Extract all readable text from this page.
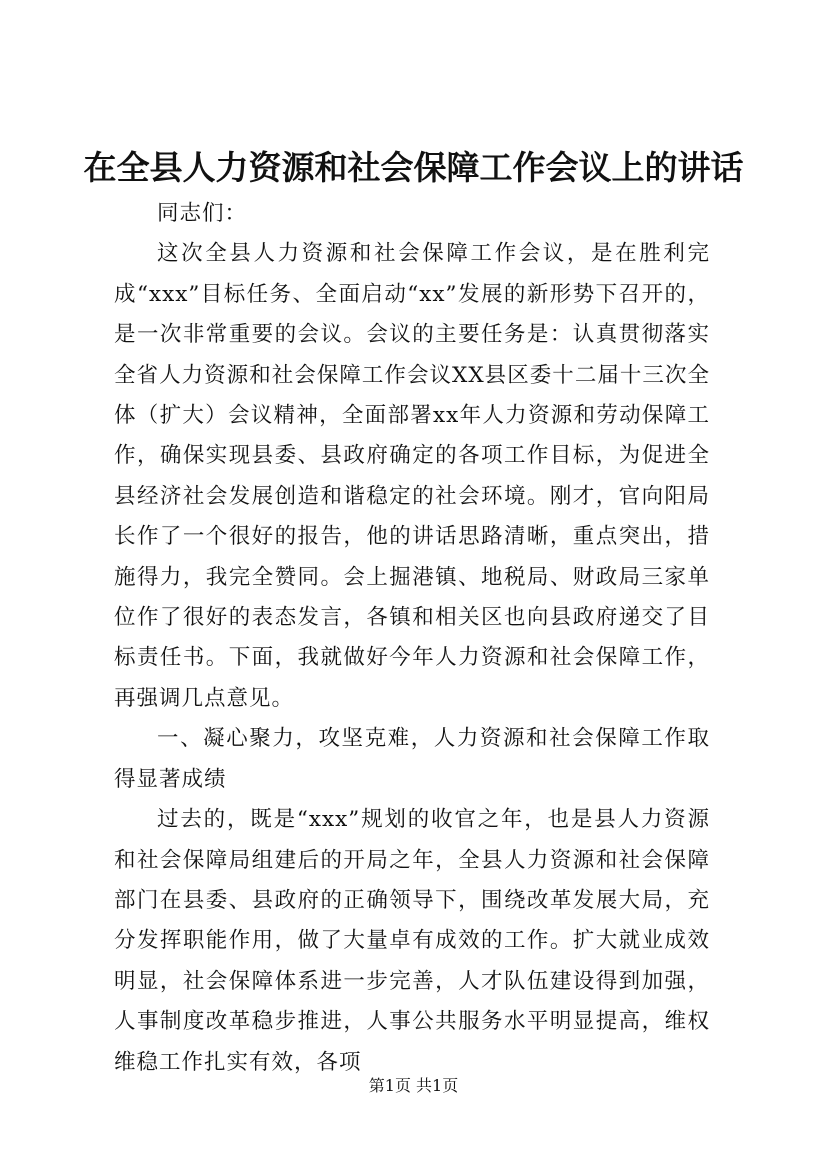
在全县人力资源和社会保障工作会议上的讲话

同志们：

这次全县人力资源和社会保障工作会议，是在胜利完成“xxx”目标任务、全面启动“xx”发展的新形势下召开的，是一次非常重要的会议。会议的主要任务是：认真贯彻落实全省人力资源和社会保障工作会议XX县区委十二届十三次全体（扩大）会议精神，全面部署xx年人力资源和劳动保障工作，确保实现县委、县政府确定的各项工作目标，为促进全县经济社会发展创造和谐稳定的社会环境。刚才，官向阳局长作了一个很好的报告，他的讲话思路清晰，重点突出，措施得力，我完全赞同。会上掘港镇、地税局、财政局三家单位作了很好的表态发言，各镇和相关区也向县政府递交了目标责任书。下面，我就做好今年人力资源和社会保障工作，再强调几点意见。

一、凝心聚力，攻坚克难，人力资源和社会保障工作取得显著成绩

过去的，既是“xxx”规划的收官之年，也是县人力资源和社会保障局组建后的开局之年，全县人力资源和社会保障部门在县委、县政府的正确领导下，围绕改革发展大局，充分发挥职能作用，做了大量卓有成效的工作。扩大就业成效明显，社会保障体系进一步完善，人才队伍建设得到加强，人事制度改革稳步推进，人事公共服务水平明显提高，维权维稳工作扎实有效，各项

第1页 共1页
